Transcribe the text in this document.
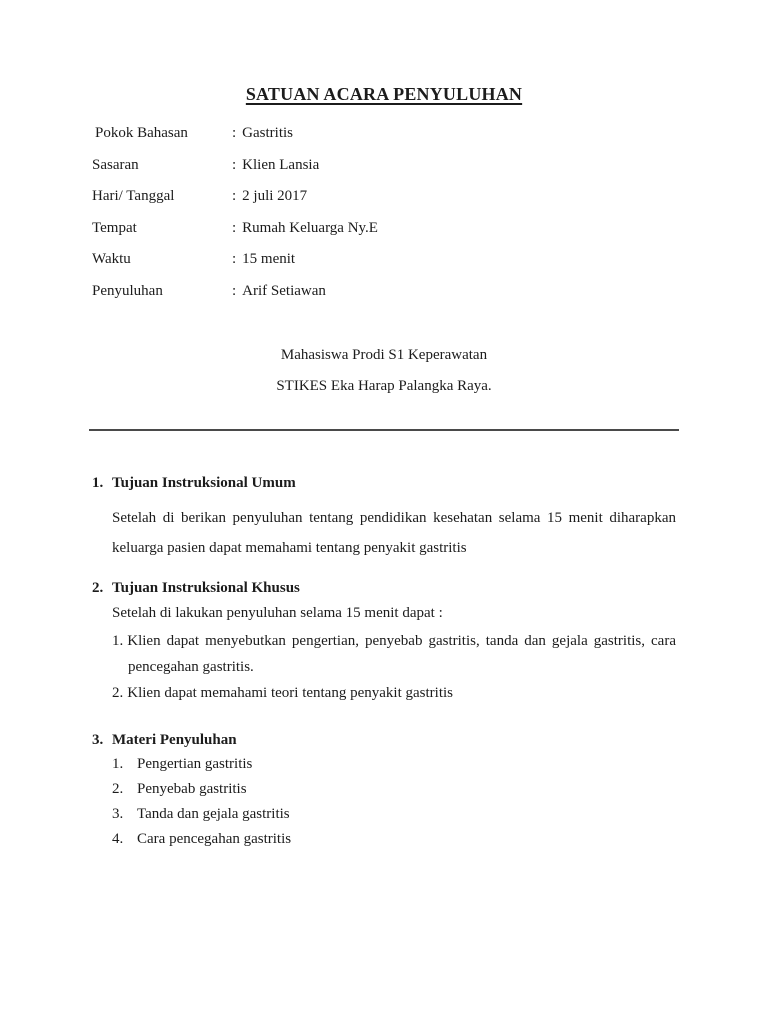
SATUAN ACARA PENYULUHAN
Pokok Bahasan	: Gastritis
Sasaran	: Klien Lansia
Hari/ Tanggal	: 2 juli 2017
Tempat	: Rumah Keluarga Ny.E
Waktu	: 15 menit
Penyuluhan	: Arif Setiawan
Mahasiswa Prodi S1 Keperawatan
STIKES Eka Harap Palangka Raya.
1. Tujuan Instruksional Umum

Setelah di berikan penyuluhan tentang pendidikan kesehatan selama 15 menit diharapkan keluarga pasien dapat memahami tentang penyakit gastritis

2. Tujuan Instruksional Khusus
Setelah di lakukan penyuluhan selama 15 menit dapat :
1. Klien dapat menyebutkan pengertian, penyebab gastritis, tanda dan gejala gastritis, cara pencegahan gastritis.
2. Klien dapat memahami teori tentang penyakit gastritis
3. Materi Penyuluhan
1. Pengertian gastritis
2. Penyebab gastritis
3. Tanda dan gejala gastritis
4. Cara pencegahan gastritis
